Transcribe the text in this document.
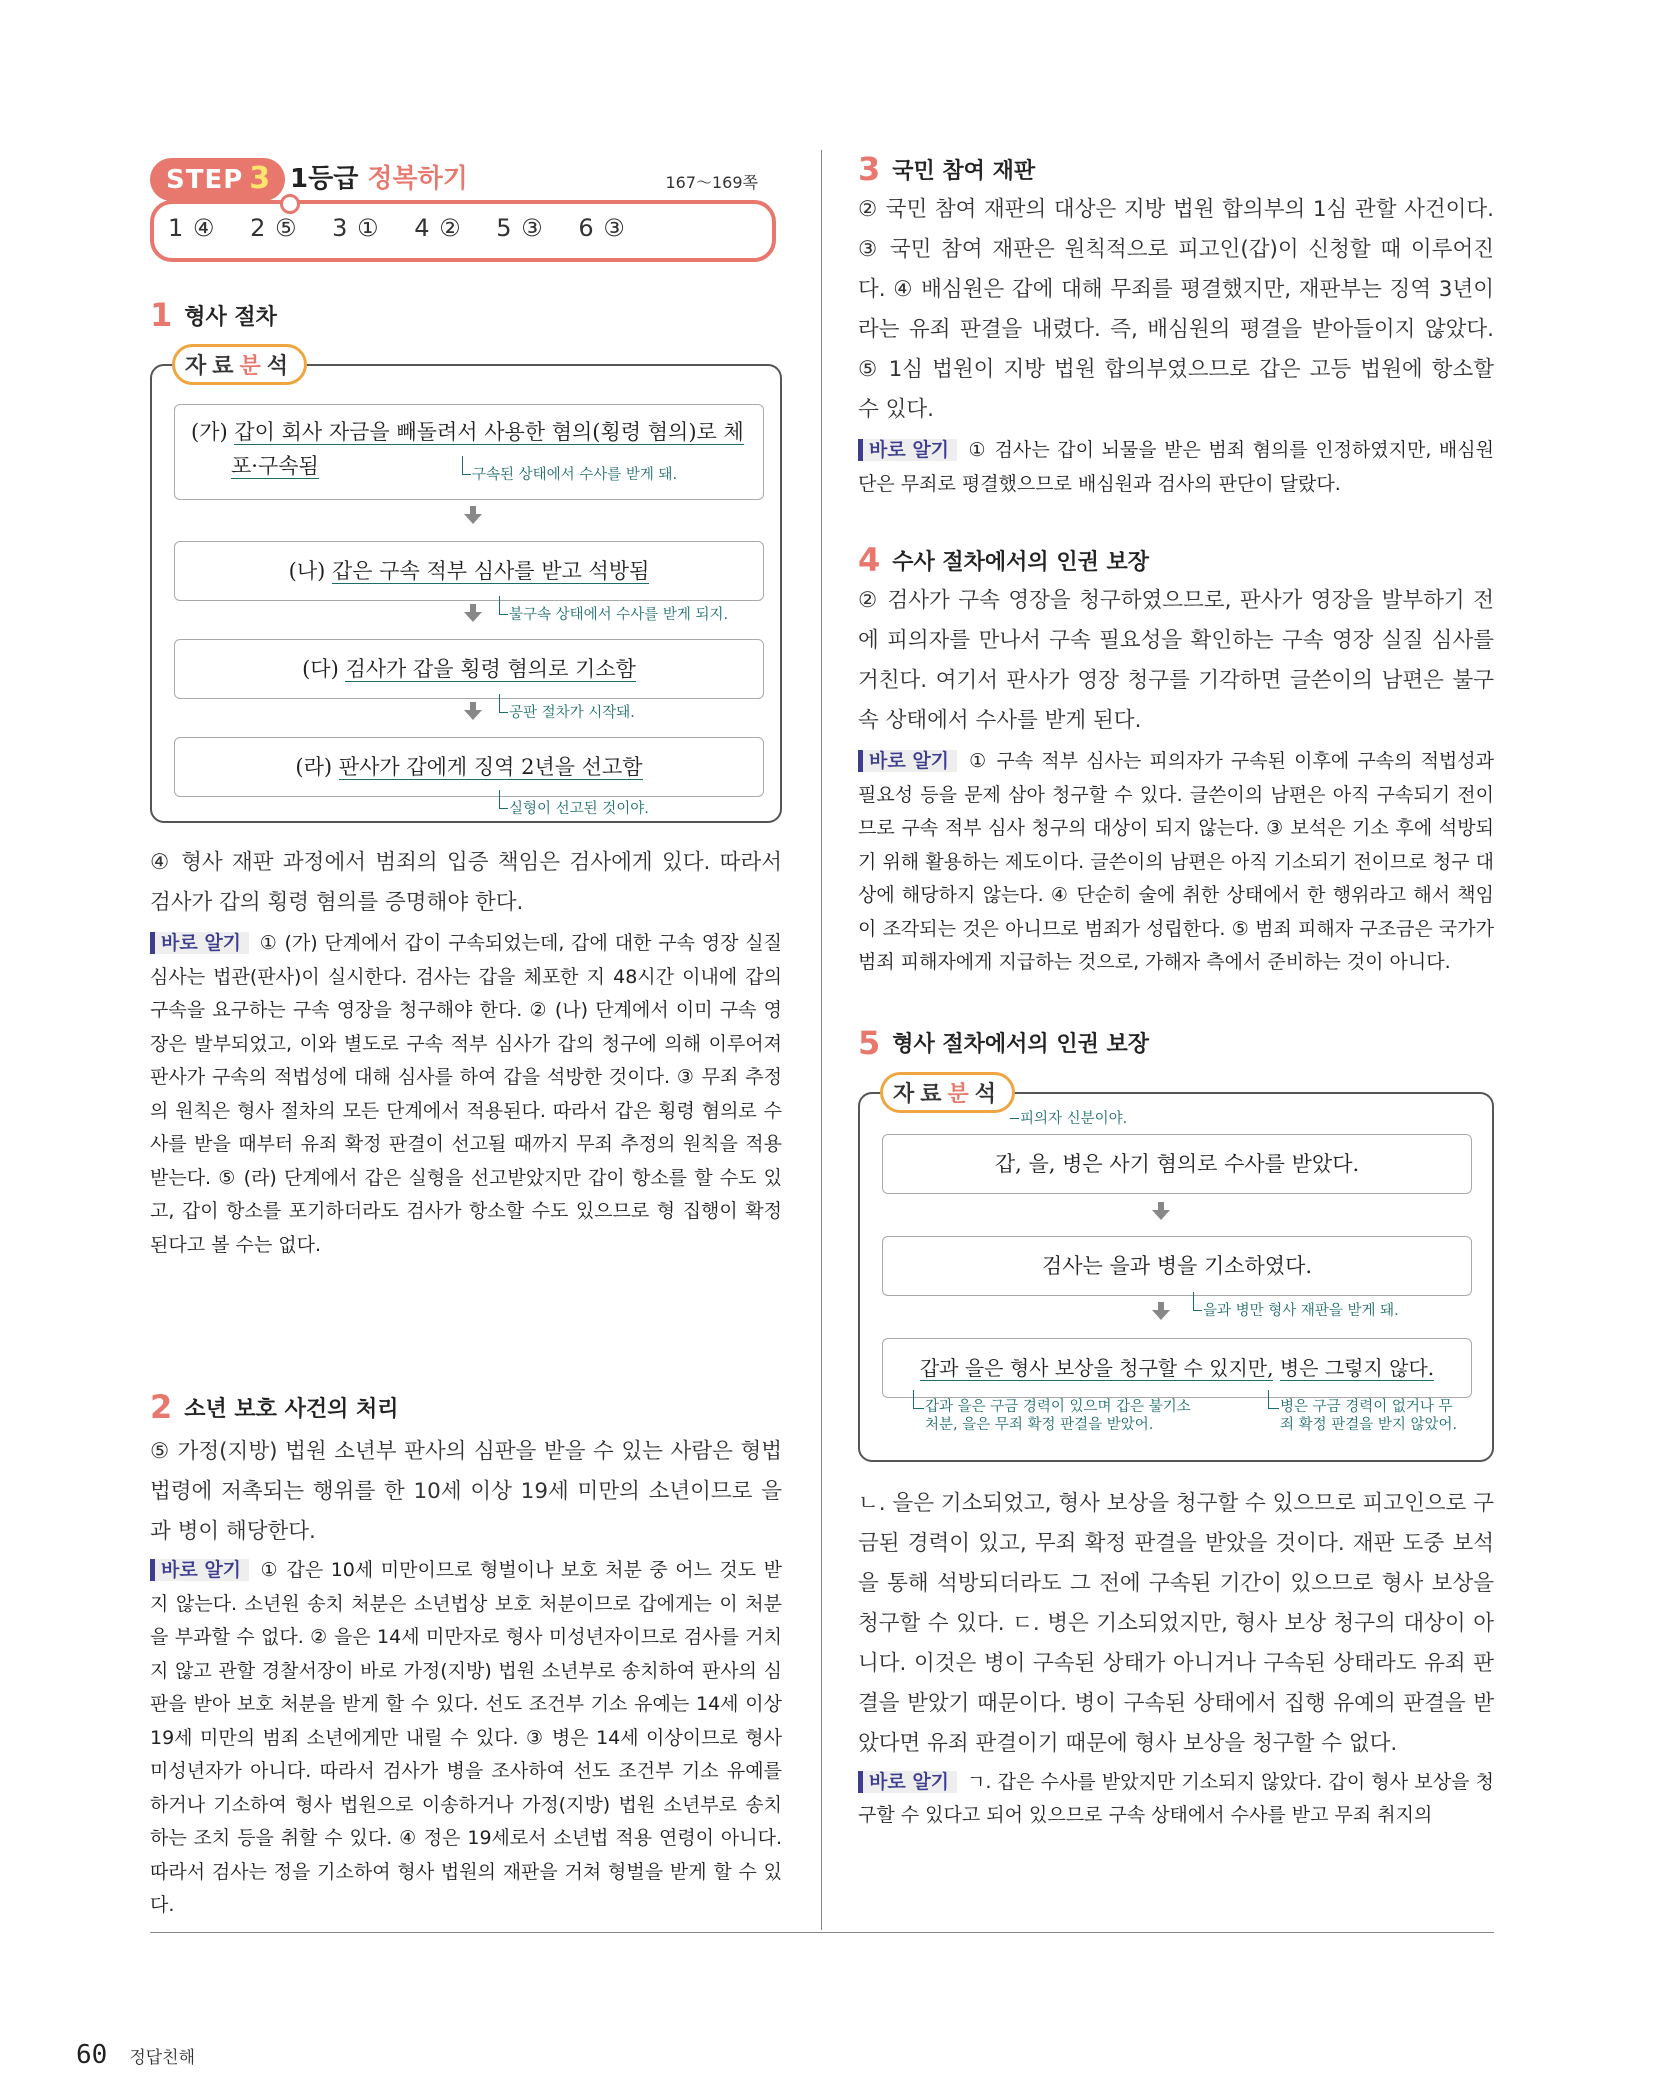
STEP 3 1등급 정복하기	167～169쪽
1 ④ 2 ⑤ 3 ① 4 ② 5 ③ 6 ③
1 형사 절차
자료분석
(가) 갑이 회사 자금을 빼돌려서 사용한 혐의(횡령 혐의)로 체
포·구속됨	구속된 상태에서 수사를 받게 돼.
(나) 갑은 구속 적부 심사를 받고 석방됨
불구속 상태에서 수사를 받게 되지.
(다) 검사가 갑을 횡령 혐의로 기소함
공판 절차가 시작돼.
(라) 판사가 갑에게 징역 2년을 선고함
실형이 선고된 것이야.

④ 형사 재판 과정에서 범죄의 입증 책임은 검사에게 있다. 따라서 검사가 갑의 횡령 혐의를 증명해야 한다.

바로 알기 ① (가) 단계에서 갑이 구속되었는데, 갑에 대한 구속 영장 실질 심사는 법관(판사)이 실시한다. 검사는 갑을 체포한 지 48시간 이내에 갑의 구속을 요구하는 구속 영장을 청구해야 한다. ② (나) 단계에서 이미 구속 영장은 발부되었고, 이와 별도로 구속 적부 심사가 갑의 청구에 의해 이루어져 판사가 구속의 적법성에 대해 심사를 하여 갑을 석방한 것이다. ③ 무죄 추정의 원칙은 형사 절차의 모든 단계에서 적용된다. 따라서 갑은 횡령 혐의로 수사를 받을 때부터 유죄 확정 판결이 선고될 때까지 무죄 추정의 원칙을 적용받는다. ⑤ (라) 단계에서 갑은 실형을 선고받았지만 갑이 항소를 할 수도 있고, 갑이 항소를 포기하더라도 검사가 항소할 수도 있으므로 형 집행이 확정된다고 볼 수는 없다.

2 소년 보호 사건의 처리

⑤ 가정(지방) 법원 소년부 판사의 심판을 받을 수 있는 사람은 형법 법령에 저촉되는 행위를 한 10세 이상 19세 미만의 소년이므로 을과 병이 해당한다.

바로 알기 ① 갑은 10세 미만이므로 형벌이나 보호 처분 중 어느 것도 받지 않는다. 소년원 송치 처분은 소년법상 보호 처분이므로 갑에게는 이 처분을 부과할 수 없다. ② 을은 14세 미만자로 형사 미성년자이므로 검사를 거치지 않고 관할 경찰서장이 바로 가정(지방) 법원 소년부로 송치하여 판사의 심판을 받아 보호 처분을 받게 할 수 있다. 선도 조건부 기소 유예는 14세 이상 19세 미만의 범죄 소년에게만 내릴 수 있다. ③ 병은 14세 이상이므로 형사 미성년자가 아니다. 따라서 검사가 병을 조사하여 선도 조건부 기소 유예를 하거나 기소하여 형사 법원으로 이송하거나 가정(지방) 법원 소년부로 송치하는 조치 등을 취할 수 있다. ④ 정은 19세로서 소년법 적용 연령이 아니다. 따라서 검사는 정을 기소하여 형사 법원의 재판을 거쳐 형벌을 받게 할 수 있다.

3 국민 참여 재판

② 국민 참여 재판의 대상은 지방 법원 합의부의 1심 관할 사건이다. ③ 국민 참여 재판은 원칙적으로 피고인(갑)이 신청할 때 이루어진다. ④ 배심원은 갑에 대해 무죄를 평결했지만, 재판부는 징역 3년이라는 유죄 판결을 내렸다. 즉, 배심원의 평결을 받아들이지 않았다. ⑤ 1심 법원이 지방 법원 합의부였으므로 갑은 고등 법원에 항소할 수 있다.

바로 알기 ① 검사는 갑이 뇌물을 받은 범죄 혐의를 인정하였지만, 배심원단은 무죄로 평결했으므로 배심원과 검사의 판단이 달랐다.

4 수사 절차에서의 인권 보장

② 검사가 구속 영장을 청구하였으므로, 판사가 영장을 발부하기 전에 피의자를 만나서 구속 필요성을 확인하는 구속 영장 실질 심사를 거친다. 여기서 판사가 영장 청구를 기각하면 글쓴이의 남편은 불구속 상태에서 수사를 받게 된다.

바로 알기 ① 구속 적부 심사는 피의자가 구속된 이후에 구속의 적법성과 필요성 등을 문제 삼아 청구할 수 있다. 글쓴이의 남편은 아직 구속되기 전이므로 구속 적부 심사 청구의 대상이 되지 않는다. ③ 보석은 기소 후에 석방되기 위해 활용하는 제도이다. 글쓴이의 남편은 아직 기소되기 전이므로 청구 대상에 해당하지 않는다. ④ 단순히 술에 취한 상태에서 한 행위라고 해서 책임이 조각되는 것은 아니므로 범죄가 성립한다. ⑤ 범죄 피해자 구조금은 국가가 범죄 피해자에게 지급하는 것으로, 가해자 측에서 준비하는 것이 아니다.

5 형사 절차에서의 인권 보장
자료분석
피의자 신분이야.
갑, 을, 병은 사기 혐의로 수사를 받았다.
검사는 을과 병을 기소하였다.
을과 병만 형사 재판을 받게 돼.
갑과 을은 형사 보상을 청구할 수 있지만, 병은 그렇지 않다.
갑과 을은 구금 경력이 있으며 갑은 불기소 처분, 을은 무죄 확정 판결을 받았어.
병은 구금 경력이 없거나 무죄 확정 판결을 받지 않았어.

ㄴ. 을은 기소되었고, 형사 보상을 청구할 수 있으므로 피고인으로 구금된 경력이 있고, 무죄 확정 판결을 받았을 것이다. 재판 도중 보석을 통해 석방되더라도 그 전에 구속된 기간이 있으므로 형사 보상을 청구할 수 있다. ㄷ. 병은 기소되었지만, 형사 보상 청구의 대상이 아니다. 이것은 병이 구속된 상태가 아니거나 구속된 상태라도 유죄 판결을 받았기 때문이다. 병이 구속된 상태에서 집행 유예의 판결을 받았다면 유죄 판결이기 때문에 형사 보상을 청구할 수 없다.

바로 알기 ㄱ. 갑은 수사를 받았지만 기소되지 않았다. 갑이 형사 보상을 청구할 수 있다고 되어 있으므로 구속 상태에서 수사를 받고 무죄 취지의

60 정답친해
